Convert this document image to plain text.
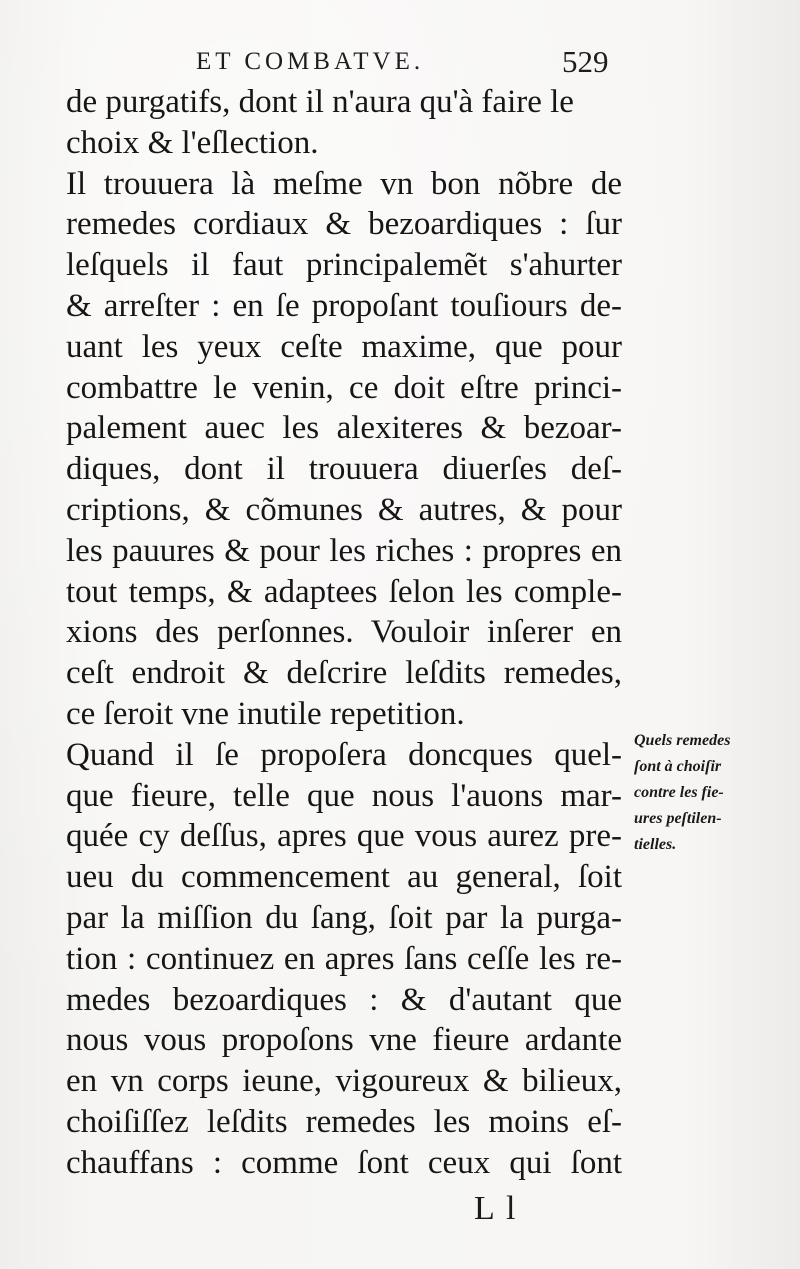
ET COMBATVE.	529
de purgatifs, dont il n'aura qu'à faire le
choix & l'eſlection.
Il trouuera là meſme vn bon nõbre de
remedes cordiaux & bezoardiques : ſur
leſquels il faut principalemẽt s'ahurter
& arreſter : en ſe propoſant touſiours de-
uant les yeux ceſte maxime, que pour
combattre le venin, ce doit eſtre princi-
palement auec les alexiteres & bezoar-
diques, dont il trouuera diuerſes deſ-
criptions, & cõmunes & autres, & pour
les pauures & pour les riches : propres en
tout temps, & adaptees ſelon les comple-
xions des perſonnes. Vouloir inſerer en
ceſt endroit & deſcrire leſdits remedes,
ce ſeroit vne inutile repetition.
Quand il ſe propoſera doncques quel-
que fieure, telle que nous l'auons mar-
quée cy deſſus, apres que vous aurez pre-
ueu du commencement au general, ſoit
par la miſſion du ſang, ſoit par la purga-
tion : continuez en apres ſans ceſſe les re-
medes bezoardiques : & d'autant que
nous vous propoſons vne fieure ardante
en vn corps ieune, vigoureux & bilieux,
choiſiſſez leſdits remedes les moins eſ-
chauffans : comme ſont ceux qui ſont
Quels remedes
ſont à choiſir
contre les fie-
ures peſtilen-
tielles.
L l
